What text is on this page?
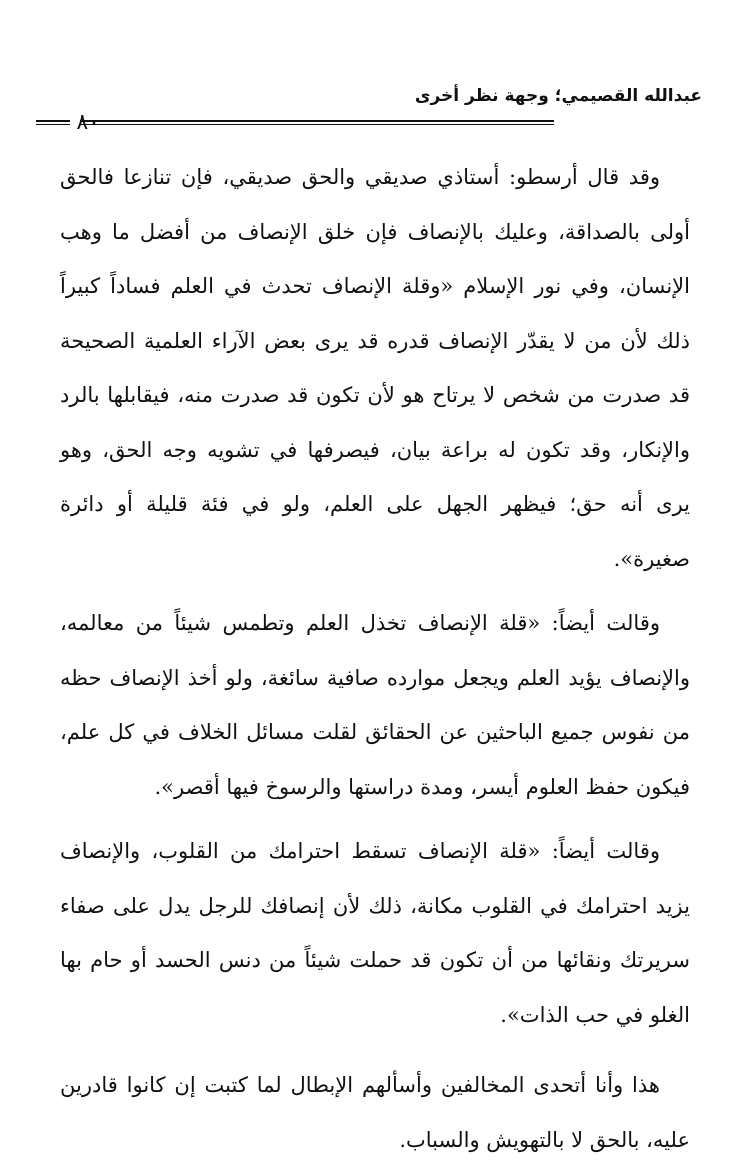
عبدالله القصيمي؛ وجهة نظر أخرى
٨٠

وقد قال أرسطو: أستاذي صديقي والحق صديقي، فإن تنازعا فالحق أولى بالصداقة، وعليك بالإنصاف فإن خلق الإنصاف من أفضل ما وهب الإنسان، وفي نور الإسلام «وقلة الإنصاف تحدث في العلم فساداً كبيراً ذلك لأن من لا يقدّر الإنصاف قدره قد يرى بعض الآراء العلمية الصحيحة قد صدرت من شخص لا يرتاح هو لأن تكون قد صدرت منه، فيقابلها بالرد والإنكار، وقد تكون له براعة بيان، فيصرفها في تشويه وجه الحق، وهو يرى أنه حق؛ فيظهر الجهل على العلم، ولو في فئة قليلة أو دائرة صغيرة».

وقالت أيضاً: «قلة الإنصاف تخذل العلم وتطمس شيئاً من معالمه، والإنصاف يؤيد العلم ويجعل موارده صافية سائغة، ولو أخذ الإنصاف حظه من نفوس جميع الباحثين عن الحقائق لقلت مسائل الخلاف في كل علم، فيكون حفظ العلوم أيسر، ومدة دراستها والرسوخ فيها أقصر».

وقالت أيضاً: «قلة الإنصاف تسقط احترامك من القلوب، والإنصاف يزيد احترامك في القلوب مكانة، ذلك لأن إنصافك للرجل يدل على صفاء سريرتك ونقائها من أن تكون قد حملت شيئاً من دنس الحسد أو حام بها الغلو في حب الذات».

هذا وأنا أتحدى المخالفين وأسألهم الإبطال لما كتبت إن كانوا قادرين عليه، بالحق لا بالتهويش والسباب.
